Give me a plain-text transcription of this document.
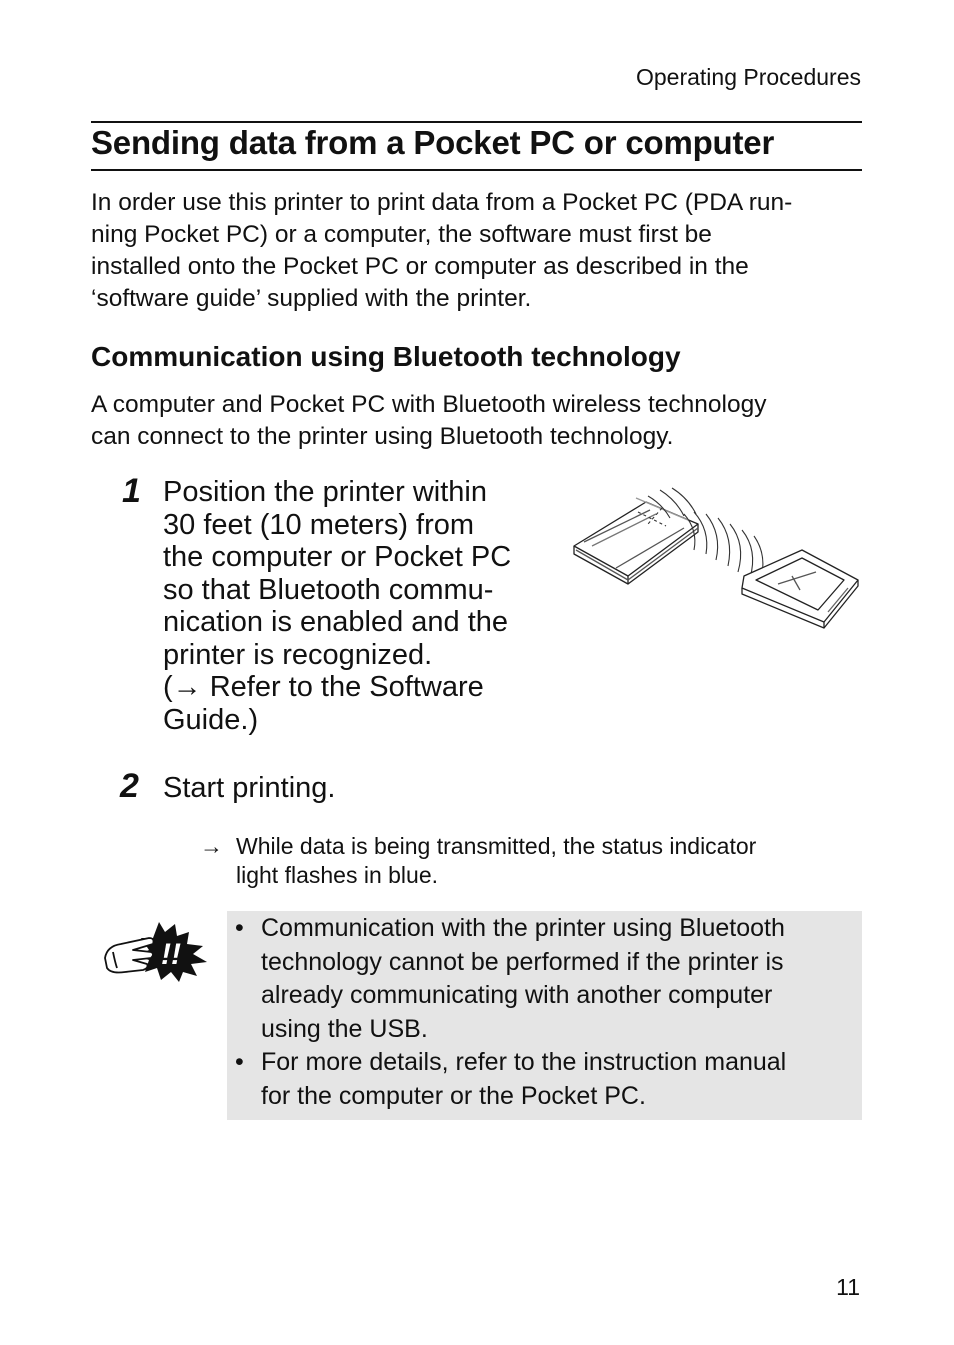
Operating Procedures
Sending data from a Pocket PC or computer

In order use this printer to print data from a Pocket PC (PDA run-

ning Pocket PC) or a computer, the software must first be

installed onto the Pocket PC or computer as described in the

‘software guide’ supplied with the printer.

Communication using Bluetooth technology

A computer and Pocket PC with Bluetooth wireless technology

can connect to the printer using Bluetooth technology.

1 Position the printer within

30 feet (10 meters) from

the computer or Pocket PC

so that Bluetooth commu-

nication is enabled and the

printer is recognized.

(→ Refer to the Software

Guide.)

2 Start printing.

→ While data is being transmitted, the status indicator

light flashes in blue.

!!
• Communication with the printer using Bluetooth
technology cannot be performed if the printer is
already communicating with another computer
using the USB.
• For more details, refer to the instruction manual
for the computer or the Pocket PC.
11
